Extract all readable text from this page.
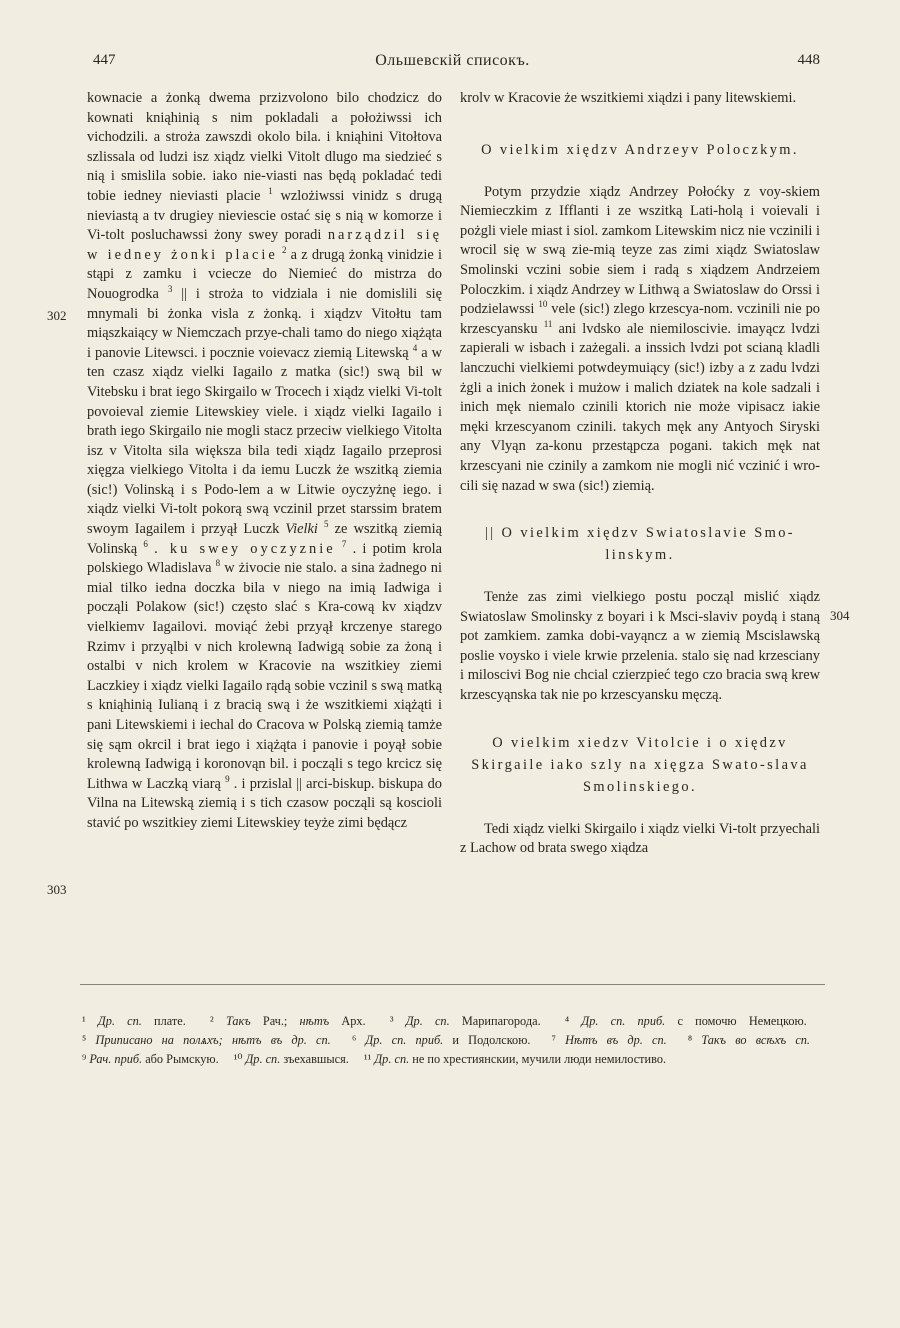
447	Ольшевскій списокъ.	448
302
303
304

kownacie a żonką dwema przizvolono bilo chodzicz do kownati kniąhinią s nim pokladali a położiwssi ich vichodzili. a stroża zawszdi okolo bila. i kniąhini Vitołtova szlissala od ludzi isz xiądz vielki Vitolt dlugo ma siedzieć s nią i smislila sobie. iako nie-viasti nas będą pokladać tedi tobie iedney nieviasti placie $^1$ wzlożiwssi vinidz s drugą nieviastą a tv drugiey nieviescie ostać się s nią w komorze i Vi-tolt posluchawssi żony swey poradi narządzil się w iedney żonki placie $^2$ a z drugą żonką vinidzie i stąpi z zamku i vciecze do Niemieć do mistrza do Nouogrodka $^3$ || i stroża to vidziala i nie domislili się mnymali bi żonka visla z żonką. i xiądzv Vitołtu tam miąszkaiący w Niemczach przye-chali tamo do niego xiążąta i panovie Litewsci. i pocznie voievacz ziemią Litewską $^4$ a w ten czasz xiądz vielki Iagailo z matka (sic!) swą bil w Vitebsku i brat iego Skirgailo w Trocech i xiądz vielki Vi-tolt povoieval ziemie Litewskiey viele. i xiądz vielki Iagailo i brath iego Skirgailo nie mogli stacz przeciw vielkiego Vitolta isz v Vitolta sila większa bila tedi xiądz Iagailo przeprosi xięgza vielkiego Vitolta i da iemu Luczk że wszitką ziemia (sic!) Volinską i s Podo-lem a w Litwie oyczyżnę iego. i xiądz vielki Vi-tolt pokorą swą vczinil przet starssim bratem swoym Iagailem i przyął Luczk Vielki $^5$ ze wszitką ziemią Volinską $^6$ . ku swey oyczyznie $^7$ . i potim krola polskiego Wladislava $^8$ w żivocie nie stalo. a sina żadnego ni mial tilko iedna doczka bila v niego na imią Iadwiga i począli Polakow (sic!) często slać s Kra-cową kv xiądzv vielkiemv Iagailovi. moviąć żebi przyął krczenye starego Rzimv i przyąlbi v nich krolewną Iadwigą sobie za żoną i ostalbi v nich krolem w Kracovie na wszitkiey ziemi Laczkiey i xiądz vielki Iagailo rądą sobie vczinil s swą matką s kniąhinią Iulianą i z bracią swą i że wszitkiemi xiążąti i pani Litewskiemi i iechal do Cracova w Polską ziemią tamże się sąm okrcil i brat iego i xiążąta i panovie i poyął sobie krolewną Iadwigą i koronovąn bil. i począli s tego krcicz się Lithwa w Laczką viarą $^9$ . i przislal || arci-biskup. biskupa do Vilna na Litewską ziemią i s tich czasow począli są koscioli stavić po wszitkiey ziemi Litewskiey teyże zimi będącz

krolv w Kracovie że wszitkiemi xiądzi i pany litewskiemi.

O vielkim xiędzv Andrzeyv Poloczkym.

Potym przydzie xiądz Andrzey Połoćky z voy-skiem Niemieczkim z Ifflanti i ze wszitką Lati-holą i voievali i pożgli viele miast i siol. zamkom Litewskim nicz nie vczinili i wrocil się w swą zie-mią teyze zas zimi xiądz Swiatoslaw Smolinski vczini sobie siem i radą s xiądzem Andrzeiem Poloczkim. i xiądz Andrzey w Lithwą a Swiatoslaw do Orssi i podzielawssi $^{10}$ vele (sic!) zlego krzescya-nom. vczinili nie po krzescyansku $^{11}$ ani lvdsko ale niemiloscivie. imayącz lvdzi zapierali w isbach i zażegali. a inssich lvdzi pot scianą kladli lanczuchi vielkiemi potwdeymuiący (sic!) izby a z zadu lvdzi żgli a inich żonek i mużow i malich dziatek na kole sadzali i inich męk niemalo czinili ktorich nie może vipisacz iakie męki krzescyanom czinili. takych męk any Antyoch Siryski any Vlyąn za-konu przestąpcza pogani. takich męk nat krzescyani nie czinily a zamkom nie mogli nić vczinić i wro-cili się nazad w swa (sic!) ziemią.

|| O vielkim xiędzv Swiatoslavie Smo-linskym.

Tenże zas zimi vielkiego postu począl mislić xiądz Swiatoslaw Smolinsky z boyari i k Msci-slaviv poydą i staną pot zamkiem. zamka dobi-vayąncz a w ziemią Mscislawską poslie voysko i viele krwie przelenia. stalo się nad krzesciany i miloscivi Bog nie chcial czierzpieć tego czo bracia swą krew krzescyąnska tak nie po krzescyansku męczą.

O vielkim xiedzv Vitolcie i o xiędzv Skirgaile iako szly na xięgza Swato-slava Smolinskiego.

Tedi xiądz vielki Skirgailo i xiądz vielki Vi-tolt przyechali z Lachow od brata swego xiądza

¹ Др. сп. плате. ² Такъ Рач.; нѣтъ Арх. ³ Др. сп. Марипагорода. ⁴ Др. сп. приб. с помочю Немецкою.   ⁵ Приписано на полѧхъ; нѣтъ въ др. сп. ⁶ Др. сп. приб. и Подолскою. ⁷ Нѣтъ въ др. сп. ⁸ Такъ во всѣхъ сп. ⁹ Рач. приб. або Рымскую. ¹⁰ Др. сп. зъехавшыся. ¹¹ Др. сп. не по хрестиянскии, мучили люди немилостиво.
